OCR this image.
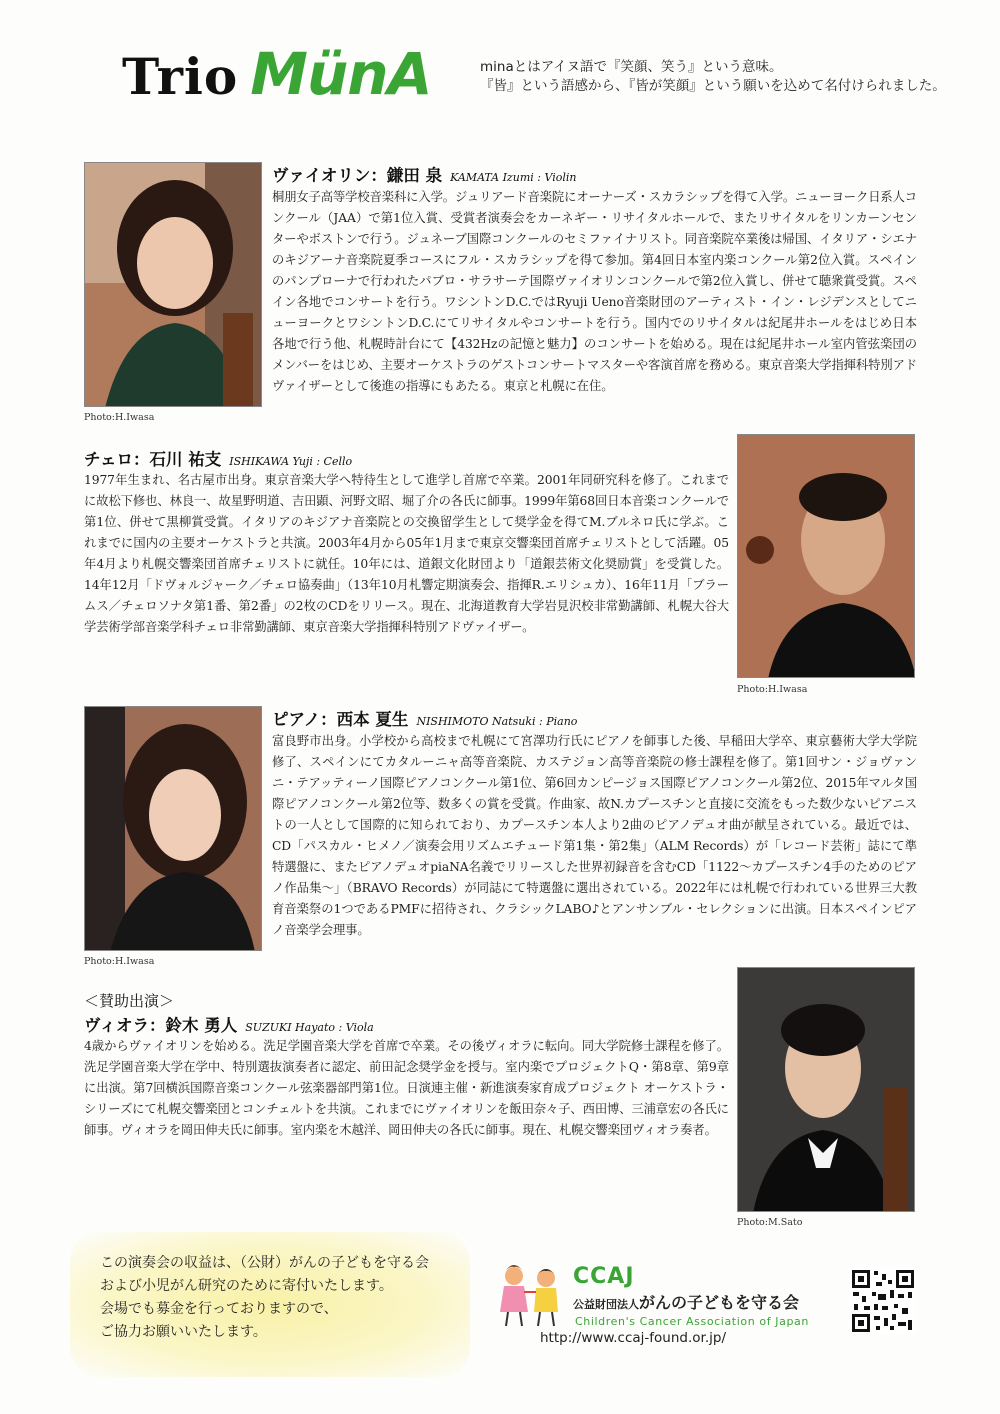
Trio MünA	minaとはアイヌ語で『笑顔、笑う』という意味。
『皆』という語感から、『皆が笑顔』という願いを込めて名付けられました。
Photo:H.Iwasa
ヴァイオリン：鎌田 泉 KAMATA Izumi : Violin
桐朋女子高等学校音楽科に入学。ジュリアード音楽院にオーナーズ・スカラシップを得て入学。ニューヨーク日系人コンクール（JAA）で第1位入賞、受賞者演奏会をカーネギー・リサイタルホールで、またリサイタルをリンカーンセンターやボストンで行う。ジュネーブ国際コンクールのセミファイナリスト。同音楽院卒業後は帰国、イタリア・シエナのキジアーナ音楽院夏季コースにフル・スカラシップを得て参加。第4回日本室内楽コンクール第2位入賞。スペインのパンプローナで行われたパブロ・サラサーテ国際ヴァイオリンコンクールで第2位入賞し、併せて聴衆賞受賞。スペイン各地でコンサートを行う。ワシントンD.C.ではRyuji Ueno音楽財団のアーティスト・イン・レジデンスとしてニューヨークとワシントンD.C.にてリサイタルやコンサートを行う。国内でのリサイタルは紀尾井ホールをはじめ日本各地で行う他、札幌時計台にて【432Hzの記憶と魅力】のコンサートを始める。現在は紀尾井ホール室内管弦楽団のメンバーをはじめ、主要オーケストラのゲストコンサートマスターや客演首席を務める。東京音楽大学指揮科特別アドヴァイザーとして後進の指導にもあたる。東京と札幌に在住。
チェロ：石川 祐支 ISHIKAWA Yuji : Cello
1977年生まれ、名古屋市出身。東京音楽大学へ特待生として進学し首席で卒業。2001年同研究科を修了。これまでに故松下修也、林良一、故星野明道、吉田顕、河野文昭、堀了介の各氏に師事。1999年第68回日本音楽コンクールで第1位、併せて黒柳賞受賞。イタリアのキジアナ音楽院との交換留学生として奨学金を得てM.ブルネロ氏に学ぶ。これまでに国内の主要オーケストラと共演。2003年4月から05年1月まで東京交響楽団首席チェリストとして活躍。05年4月より札幌交響楽団首席チェリストに就任。10年には、道銀文化財団より「道銀芸術文化奨励賞」を受賞した。14年12月「ドヴォルジャーク／チェロ協奏曲」（13年10月札響定期演奏会、指揮R.エリシュカ）、16年11月「ブラームス／チェロソナタ第1番、第2番」の2枚のCDをリリース。現在、北海道教育大学岩見沢校非常勤講師、札幌大谷大学芸術学部音楽学科チェロ非常勤講師、東京音楽大学指揮科特別アドヴァイザー。
Photo:H.Iwasa
Photo:H.Iwasa
ピアノ：西本 夏生 NISHIMOTO Natsuki : Piano
富良野市出身。小学校から高校まで札幌にて宮澤功行氏にピアノを師事した後、早稲田大学卒、東京藝術大学大学院修了、スペインにてカタルーニャ高等音楽院、カステジョン高等音楽院の修士課程を修了。第1回サン・ジョヴァンニ・テアッティーノ国際ピアノコンクール第1位、第6回カンピージョス国際ピアノコンクール第2位、2015年マルタ国際ピアノコンクール第2位等、数多くの賞を受賞。作曲家、故N.カプースチンと直接に交流をもった数少ないピアニストの一人として国際的に知られており、カプースチン本人より2曲のピアノデュオ曲が献呈されている。最近では、CD「パスカル・ヒメノ／演奏会用リズムエチュード第1集・第2集」（ALM Records）が「レコード芸術」誌にて準特選盤に、またピアノデュオpiaNA名義でリリースした世界初録音を含むCD「1122〜カプースチン4手のためのピアノ作品集〜」（BRAVO Records）が同誌にて特選盤に選出されている。2022年には札幌で行われている世界三大教育音楽祭の1つであるPMFに招待され、クラシックLABO♪とアンサンブル・セレクションに出演。日本スペインピアノ音楽学会理事。
＜賛助出演＞
ヴィオラ：鈴木 勇人 SUZUKI Hayato : Viola
4歳からヴァイオリンを始める。洗足学園音楽大学を首席で卒業。その後ヴィオラに転向。同大学院修士課程を修了。洗足学園音楽大学在学中、特別選抜演奏者に認定、前田記念奨学金を授与。室内楽でプロジェクトQ・第8章、第9章に出演。第7回横浜国際音楽コンクール弦楽器部門第1位。日演連主催・新進演奏家育成プロジェクト オーケストラ・シリーズにて札幌交響楽団とコンチェルトを共演。これまでにヴァイオリンを飯田奈々子、西田博、三浦章宏の各氏に師事。ヴィオラを岡田伸夫氏に師事。室内楽を木越洋、岡田伸夫の各氏に師事。現在、札幌交響楽団ヴィオラ奏者。
Photo:M.Sato

この演奏会の収益は、（公財）がんの子どもを守る会
および小児がん研究のために寄付いたします。
会場でも募金を行っておりますので、
ご協力お願いいたします。

CCAJ
公益財団法人がんの子どもを守る会
Children's Cancer Association of Japan
http://www.ccaj-found.or.jp/
